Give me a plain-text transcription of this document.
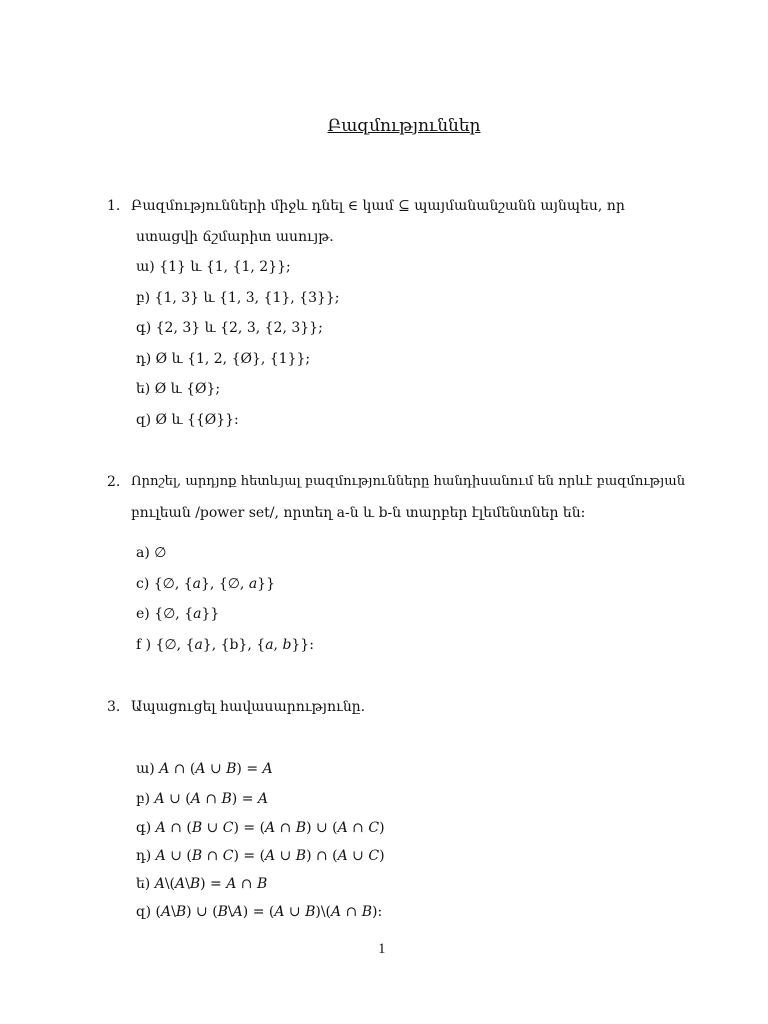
Բազմություններ
1. Բազմությունների միջև դնել ∈ կամ ⊆ պայմանանշանն այնպես, որ
ստացվի ճշմարիտ ասույթ.
ա) {1} և {1, {1, 2}};
բ) {1, 3} և {1, 3, {1}, {3}};
գ) {2, 3} և {2, 3, {2, 3}};
դ) Ø և {1, 2, {Ø}, {1}};
ե) Ø և {Ø};
զ) Ø և {{Ø}}:
2. Որոշել, արդյոք հետևյալ բազմությունները հանդիսանում են որևէ բազմության
բուլեան /power set/, որտեղ a-ն և b-ն տարբեր էլեմենտներ են:
a) ∅
c) {∅, {𝑎}, {∅, 𝑎}}
e) {∅, {𝑎}}
f ) {∅, {𝑎}, {b}, {𝑎, 𝑏}}:
3. Ապացուցել հավասարությունը.
ա) 𝐴 ∩ (𝐴 ∪ 𝐵) = 𝐴
բ) 𝐴 ∪ (𝐴 ∩ 𝐵) = 𝐴
գ) 𝐴 ∩ (𝐵 ∪ 𝐶) = (𝐴 ∩ 𝐵) ∪ (𝐴 ∩ 𝐶)
դ) 𝐴 ∪ (𝐵 ∩ 𝐶) = (𝐴 ∪ 𝐵) ∩ (𝐴 ∪ 𝐶)
ե) 𝐴\(𝐴\𝐵) = 𝐴 ∩ 𝐵
զ) (𝐴\𝐵) ∪ (𝐵\𝐴) = (𝐴 ∪ 𝐵)\(𝐴 ∩ 𝐵):
1
